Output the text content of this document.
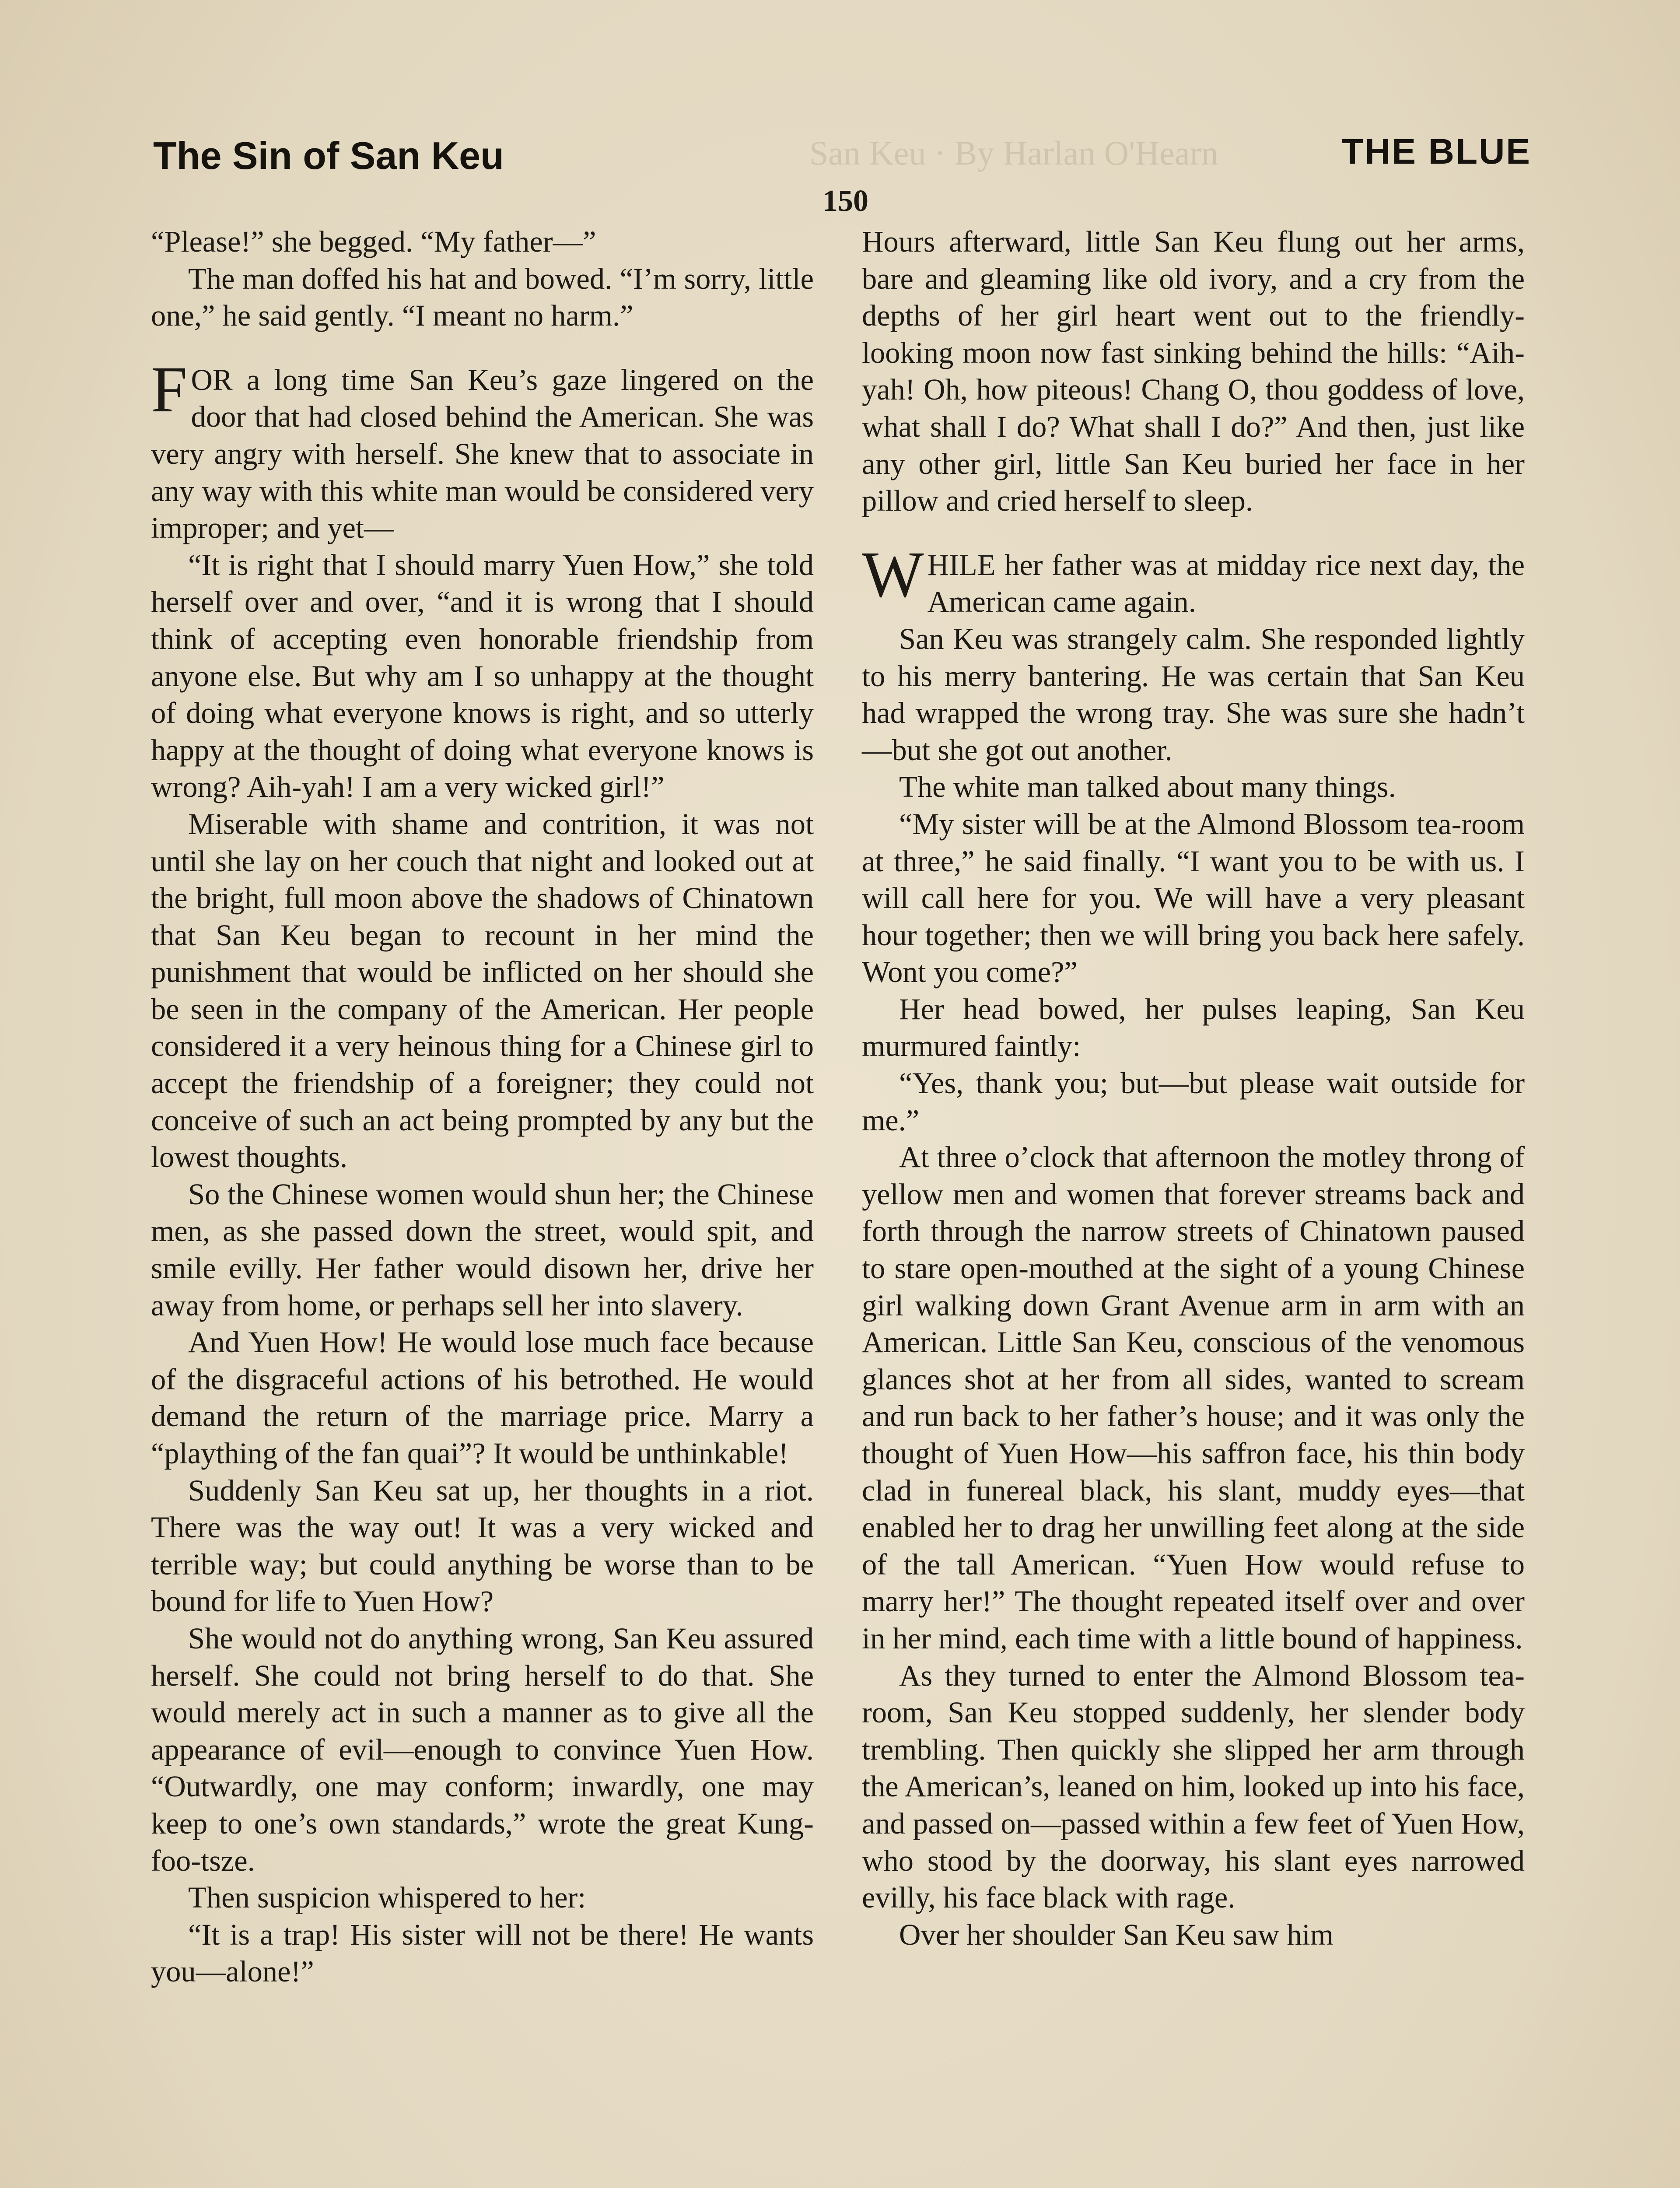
The Sin of San Keu	San Keu · By Harlan O'Hearn	THE BLUE
150

“Please!” she begged. “My father—”

The man doffed his hat and bowed. “I’m sorry, little one,” he said gently. “I meant no harm.”

FOR a long time San Keu’s gaze lingered on the door that had closed behind the American. She was very angry with herself. She knew that to associate in any way with this white man would be considered very improper; and yet—

“It is right that I should marry Yuen How,” she told herself over and over, “and it is wrong that I should think of accepting even honorable friendship from anyone else. But why am I so unhappy at the thought of doing what everyone knows is right, and so utterly happy at the thought of doing what everyone knows is wrong? Aih-yah! I am a very wicked girl!”

Miserable with shame and contrition, it was not until she lay on her couch that night and looked out at the bright, full moon above the shadows of Chinatown that San Keu began to recount in her mind the punishment that would be inflicted on her should she be seen in the company of the American. Her people considered it a very heinous thing for a Chinese girl to accept the friendship of a foreigner; they could not conceive of such an act being prompted by any but the lowest thoughts.

So the Chinese women would shun her; the Chinese men, as she passed down the street, would spit, and smile evilly. Her father would disown her, drive her away from home, or perhaps sell her into slavery.

And Yuen How! He would lose much face because of the disgraceful actions of his betrothed. He would demand the return of the marriage price. Marry a “plaything of the fan quai”? It would be unthinkable!

Suddenly San Keu sat up, her thoughts in a riot. There was the way out! It was a very wicked and terrible way; but could anything be worse than to be bound for life to Yuen How?

She would not do anything wrong, San Keu assured herself. She could not bring herself to do that. She would merely act in such a manner as to give all the appearance of evil—enough to convince Yuen How. “Outwardly, one may conform; inwardly, one may keep to one’s own standards,” wrote the great Kung-foo-tsze.

Then suspicion whispered to her:

“It is a trap! His sister will not be there! He wants you—alone!”

Hours afterward, little San Keu flung out her arms, bare and gleaming like old ivory, and a cry from the depths of her girl heart went out to the friendly-looking moon now fast sinking behind the hills: “Aih-yah! Oh, how piteous! Chang O, thou goddess of love, what shall I do? What shall I do?” And then, just like any other girl, little San Keu buried her face in her pillow and cried herself to sleep.

WHILE her father was at midday rice next day, the American came again.

San Keu was strangely calm. She responded lightly to his merry bantering. He was certain that San Keu had wrapped the wrong tray. She was sure she hadn’t—but she got out another.

The white man talked about many things.

“My sister will be at the Almond Blossom tea-room at three,” he said finally. “I want you to be with us. I will call here for you. We will have a very pleasant hour together; then we will bring you back here safely. Wont you come?”

Her head bowed, her pulses leaping, San Keu murmured faintly:

“Yes, thank you; but—but please wait outside for me.”

At three o’clock that afternoon the motley throng of yellow men and women that forever streams back and forth through the narrow streets of Chinatown paused to stare open-mouthed at the sight of a young Chinese girl walking down Grant Avenue arm in arm with an American. Little San Keu, conscious of the venomous glances shot at her from all sides, wanted to scream and run back to her father’s house; and it was only the thought of Yuen How—his saffron face, his thin body clad in funereal black, his slant, muddy eyes—that enabled her to drag her unwilling feet along at the side of the tall American. “Yuen How would refuse to marry her!” The thought repeated itself over and over in her mind, each time with a little bound of happiness.

As they turned to enter the Almond Blossom tea-room, San Keu stopped suddenly, her slender body trembling. Then quickly she slipped her arm through the American’s, leaned on him, looked up into his face, and passed on—passed within a few feet of Yuen How, who stood by the doorway, his slant eyes narrowed evilly, his face black with rage.

Over her shoulder San Keu saw him
